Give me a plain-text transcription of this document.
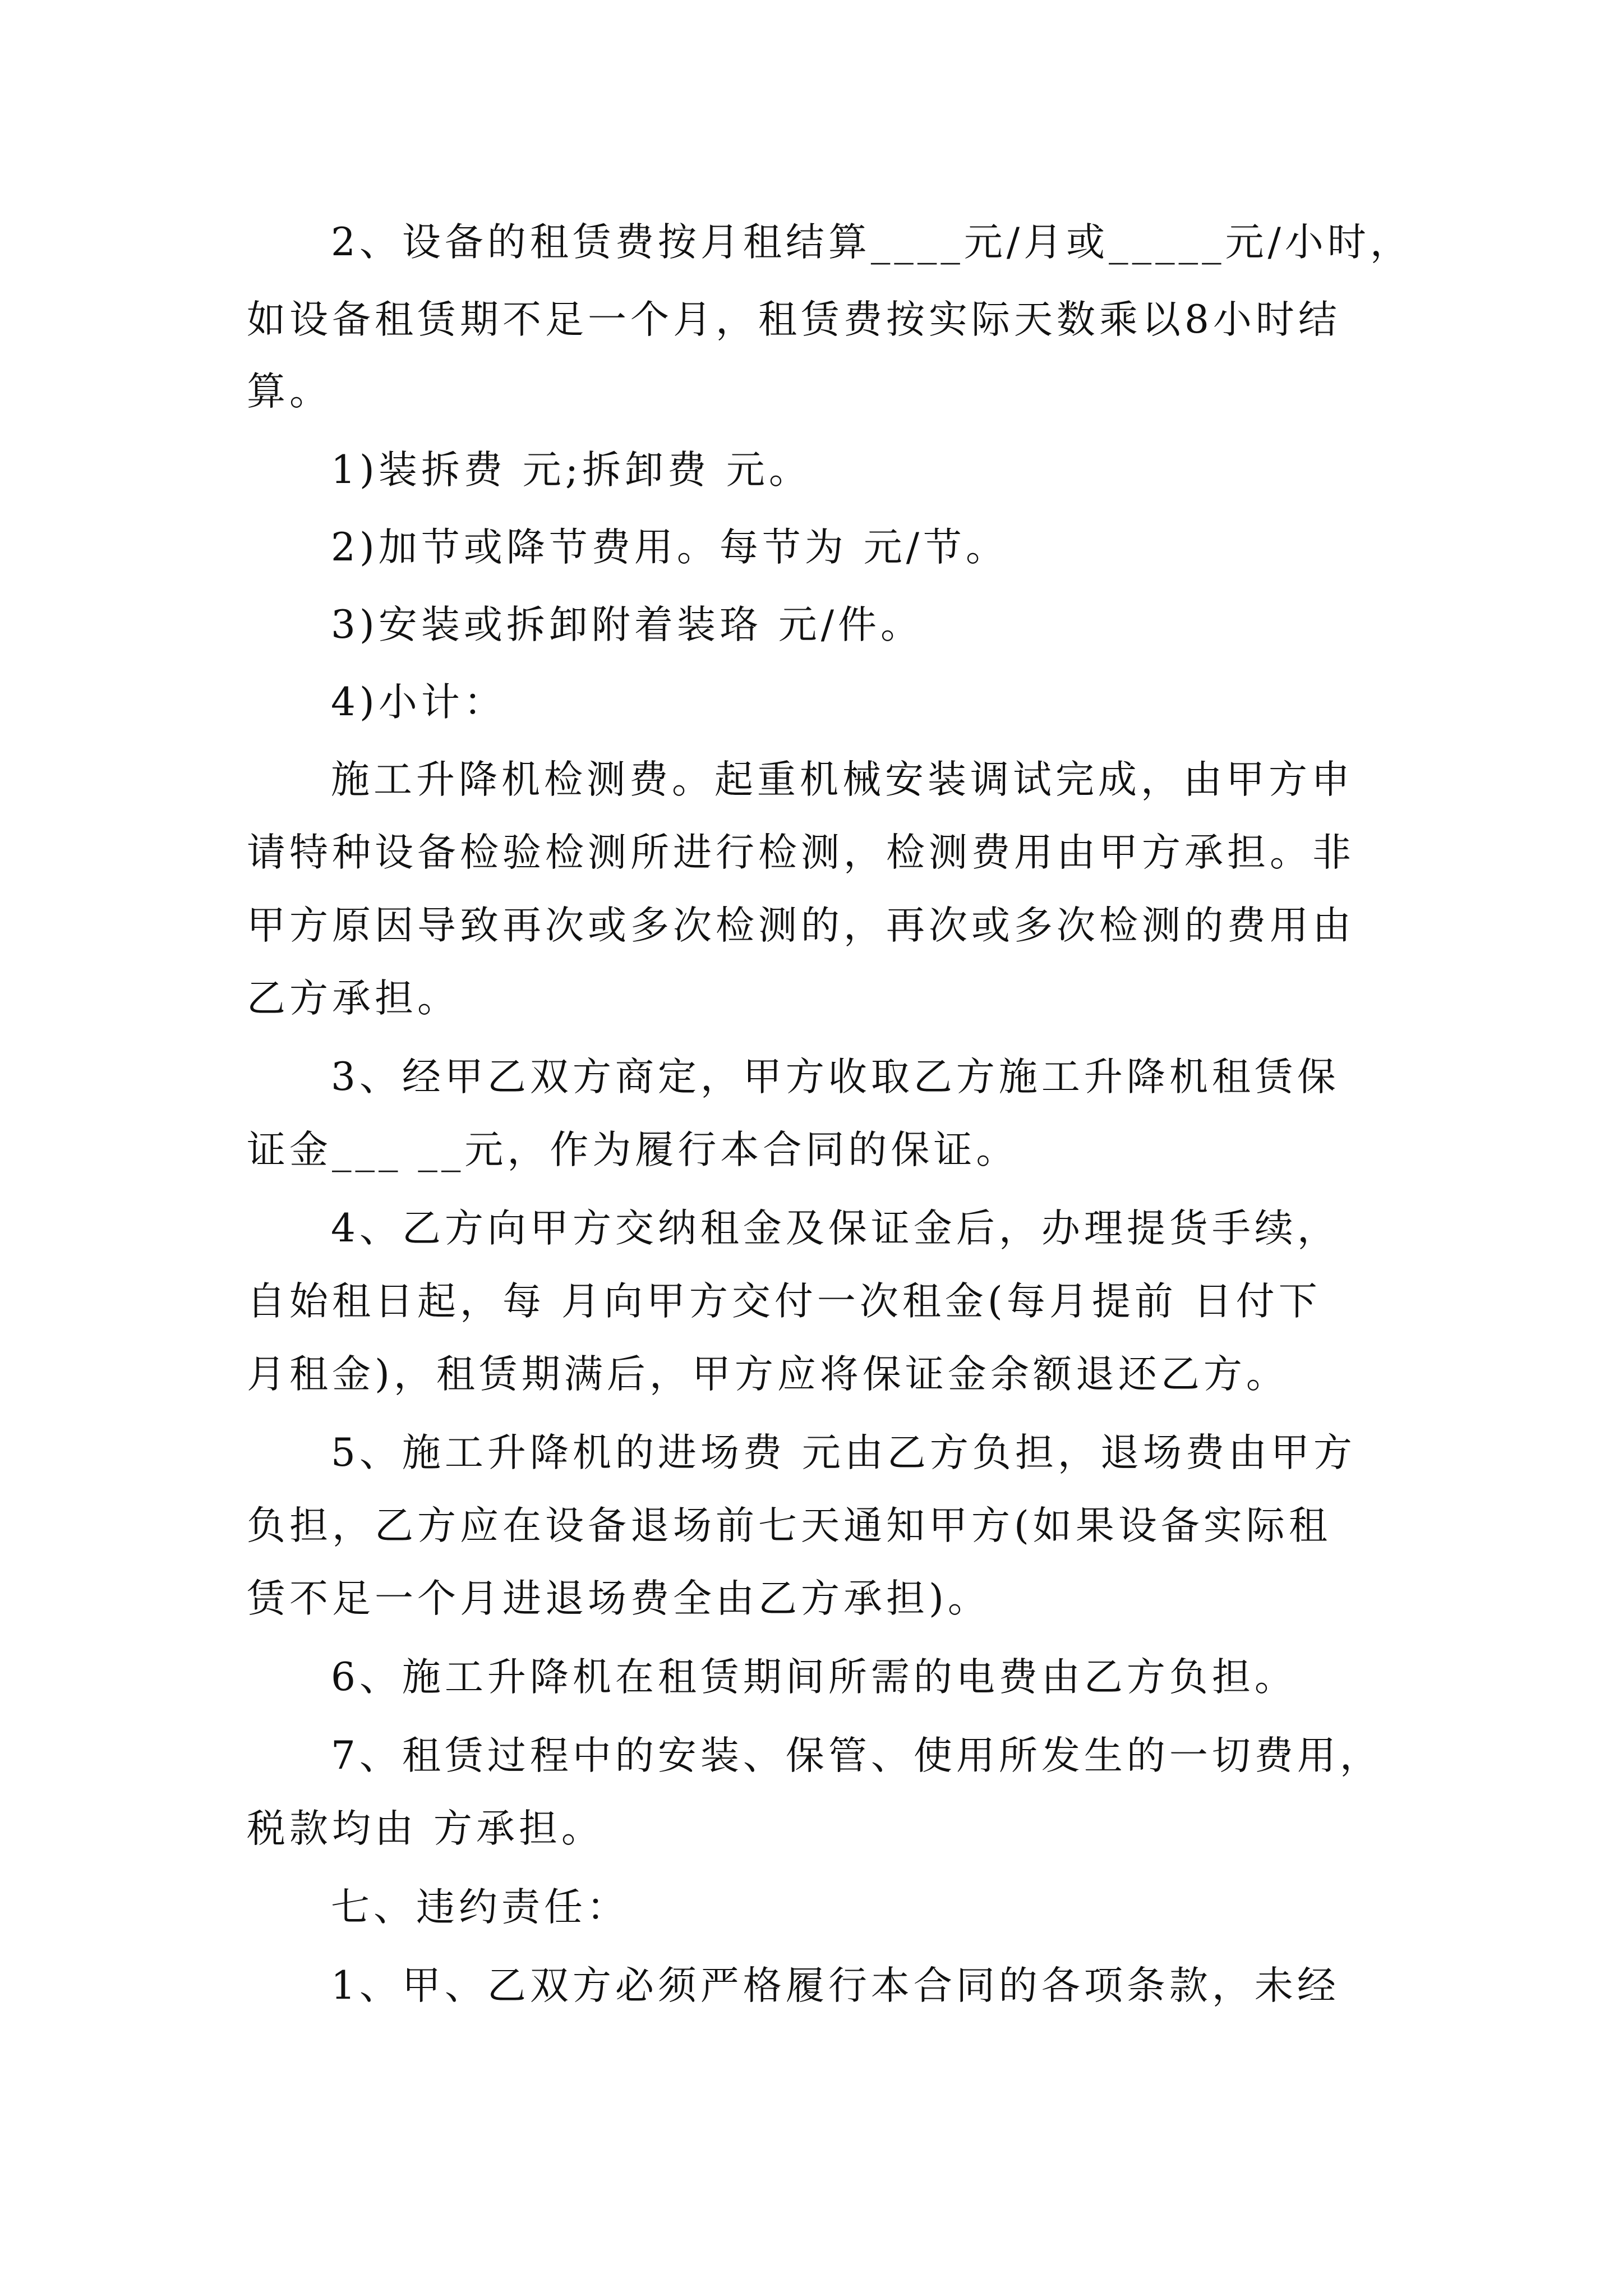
2、设备的租赁费按月租结算____元/月或_____元/小时，

如设备租赁期不足一个月，租赁费按实际天数乘以8小时结

算。

1)装拆费 元;拆卸费 元。

2)加节或降节费用。每节为 元/节。

3)安装或拆卸附着装珞 元/件。

4)小计：

施工升降机检测费。起重机械安装调试完成，由甲方申

请特种设备检验检测所进行检测，检测费用由甲方承担。非

甲方原因导致再次或多次检测的，再次或多次检测的费用由

乙方承担。

3、经甲乙双方商定，甲方收取乙方施工升降机租赁保

证金___ __元，作为履行本合同的保证。

4、乙方向甲方交纳租金及保证金后，办理提货手续，

自始租日起，每 月向甲方交付一次租金(每月提前 日付下

月租金)，租赁期满后，甲方应将保证金余额退还乙方。

5、施工升降机的进场费 元由乙方负担，退场费由甲方

负担，乙方应在设备退场前七天通知甲方(如果设备实际租

赁不足一个月进退场费全由乙方承担)。

6、施工升降机在租赁期间所需的电费由乙方负担。

7、租赁过程中的安装、保管、使用所发生的一切费用，

税款均由 方承担。

七、违约责任：

1、甲、乙双方必须严格履行本合同的各项条款，未经
